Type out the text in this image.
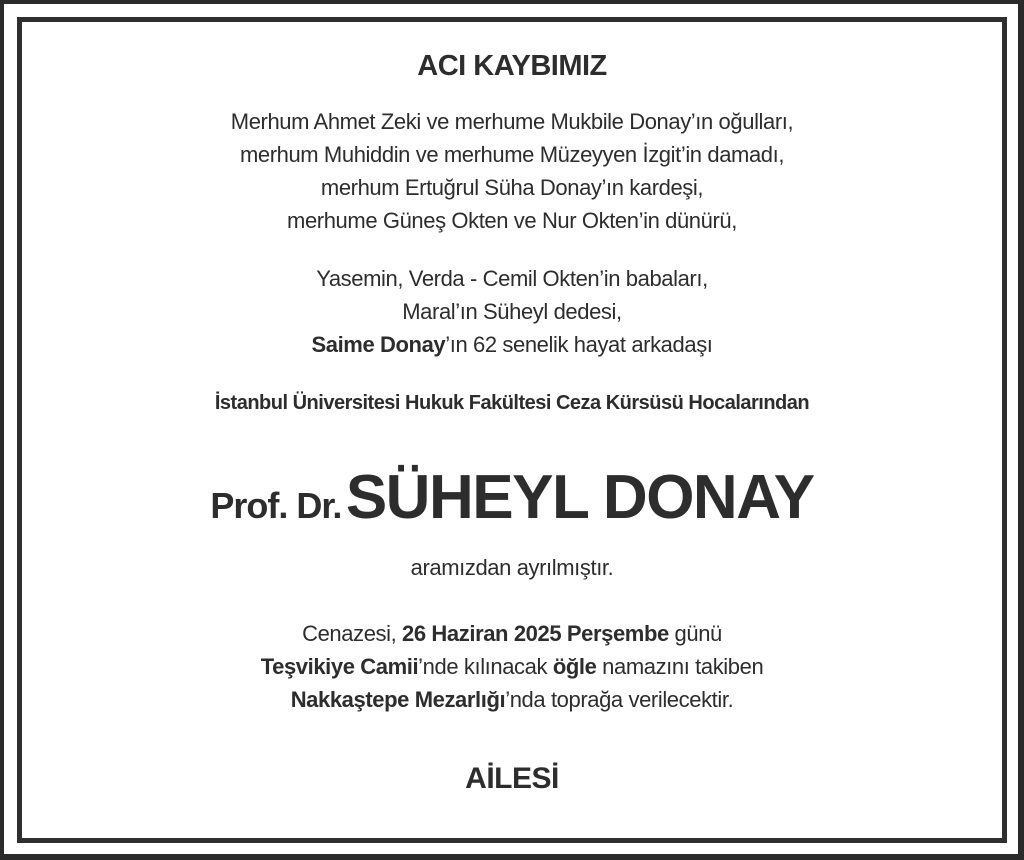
ACI KAYBIMIZ
Merhum Ahmet Zeki ve merhume Mukbile Donay’ın oğulları,
merhum Muhiddin ve merhume Müzeyyen İzgit’in damadı,
merhum Ertuğrul Süha Donay’ın kardeşi,
merhume Güneş Okten ve Nur Okten’in dünürü,
Yasemin, Verda - Cemil Okten’in babaları,
Maral’ın Süheyl dedesi,
Saime Donay’ın 62 senelik hayat arkadaşı
İstanbul Üniversitesi Hukuk Fakültesi Ceza Kürsüsü Hocalarından
Prof. Dr. SÜHEYL DONAY
aramızdan ayrılmıştır.
Cenazesi, 26 Haziran 2025 Perşembe günü
Teşvikiye Camii’nde kılınacak öğle namazını takiben
Nakkaştepe Mezarlığı’nda toprağa verilecektir.
AİLESİ
